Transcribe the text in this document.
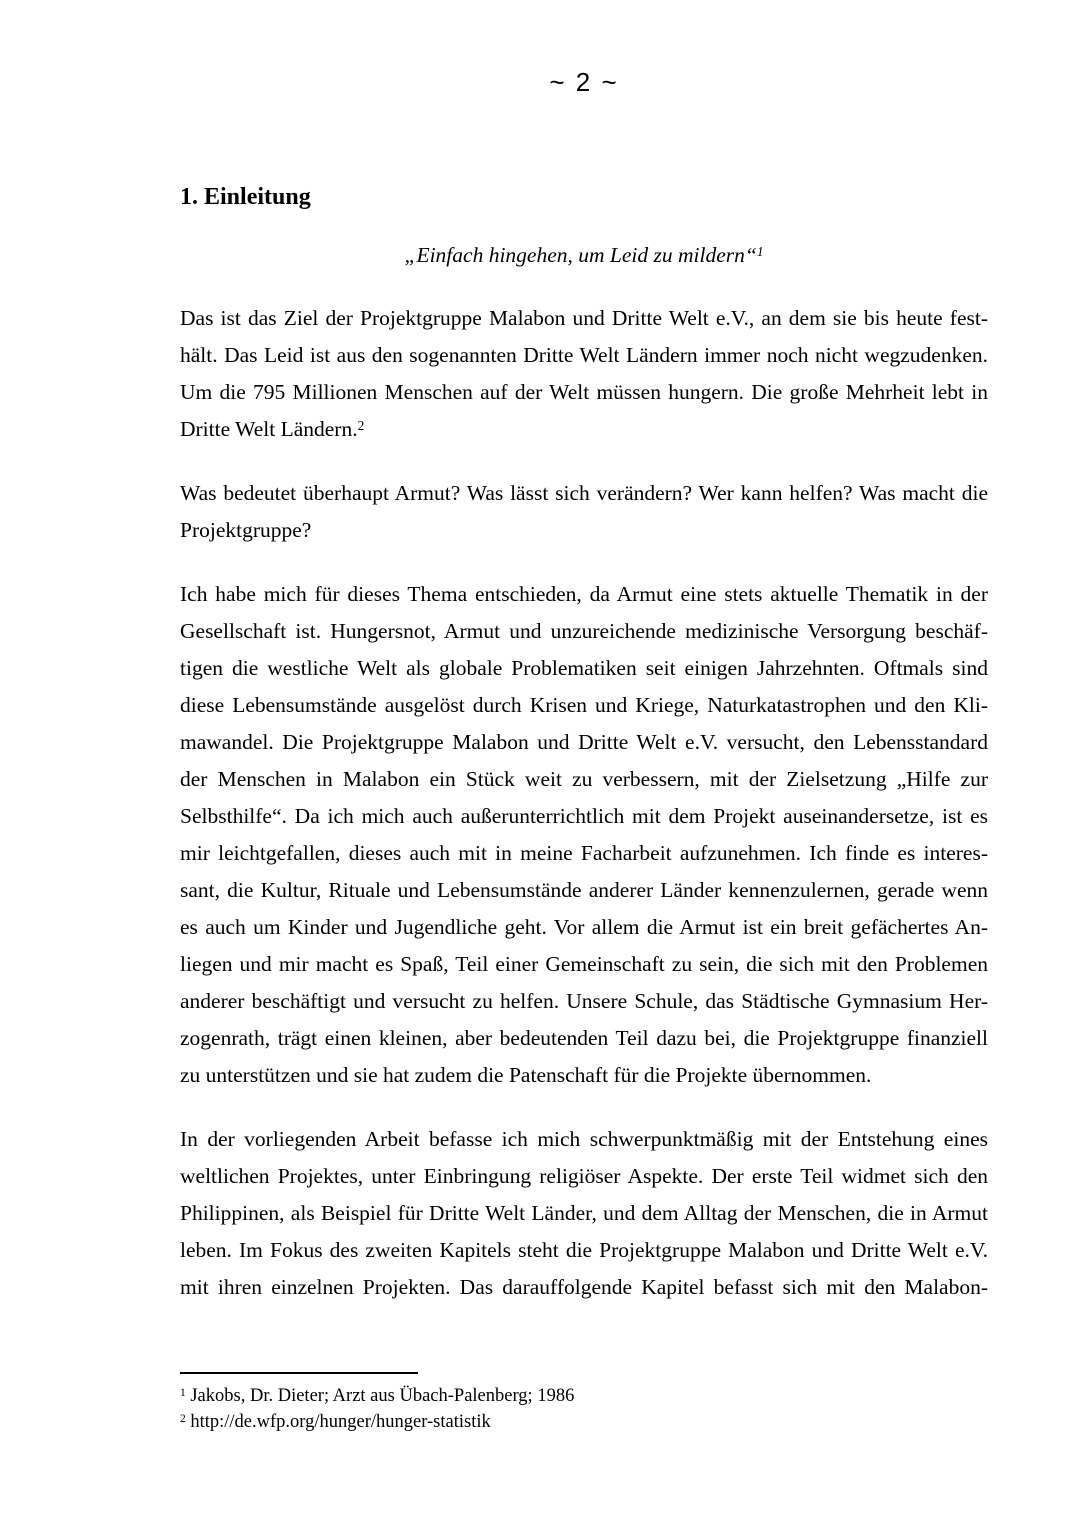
~ 2 ~
1. Einleitung
„Einfach hingehen, um Leid zu mildern“$^1$
Das ist das Ziel der Projektgruppe Malabon und Dritte Welt e.V., an dem sie bis heute fest-
hält. Das Leid ist aus den sogenannten Dritte Welt Ländern immer noch nicht wegzudenken.
Um die 795 Millionen Menschen auf der Welt müssen hungern. Die große Mehrheit lebt in
Dritte Welt Ländern.$^2$
Was bedeutet überhaupt Armut? Was lässt sich verändern? Wer kann helfen? Was macht die
Projektgruppe?
Ich habe mich für dieses Thema entschieden, da Armut eine stets aktuelle Thematik in der
Gesellschaft ist. Hungersnot, Armut und unzureichende medizinische Versorgung beschäf-
tigen die westliche Welt als globale Problematiken seit einigen Jahrzehnten. Oftmals sind
diese Lebensumstände ausgelöst durch Krisen und Kriege, Naturkatastrophen und den Kli-
mawandel. Die Projektgruppe Malabon und Dritte Welt e.V. versucht, den Lebensstandard
der Menschen in Malabon ein Stück weit zu verbessern, mit der Zielsetzung „Hilfe zur
Selbsthilfe“. Da ich mich auch außerunterrichtlich mit dem Projekt auseinandersetze, ist es
mir leichtgefallen, dieses auch mit in meine Facharbeit aufzunehmen. Ich finde es interes-
sant, die Kultur, Rituale und Lebensumstände anderer Länder kennenzulernen, gerade wenn
es auch um Kinder und Jugendliche geht. Vor allem die Armut ist ein breit gefächertes An-
liegen und mir macht es Spaß, Teil einer Gemeinschaft zu sein, die sich mit den Problemen
anderer beschäftigt und versucht zu helfen. Unsere Schule, das Städtische Gymnasium Her-
zogenrath, trägt einen kleinen, aber bedeutenden Teil dazu bei, die Projektgruppe finanziell
zu unterstützen und sie hat zudem die Patenschaft für die Projekte übernommen.
In der vorliegenden Arbeit befasse ich mich schwerpunktmäßig mit der Entstehung eines
weltlichen Projektes, unter Einbringung religiöser Aspekte. Der erste Teil widmet sich den
Philippinen, als Beispiel für Dritte Welt Länder, und dem Alltag der Menschen, die in Armut
leben. Im Fokus des zweiten Kapitels steht die Projektgruppe Malabon und Dritte Welt e.V.
mit ihren einzelnen Projekten. Das darauffolgende Kapitel befasst sich mit den Malabon-
$^1$ Jakobs, Dr. Dieter; Arzt aus Übach-Palenberg; 1986
$^2$ http://de.wfp.org/hunger/hunger-statistik
